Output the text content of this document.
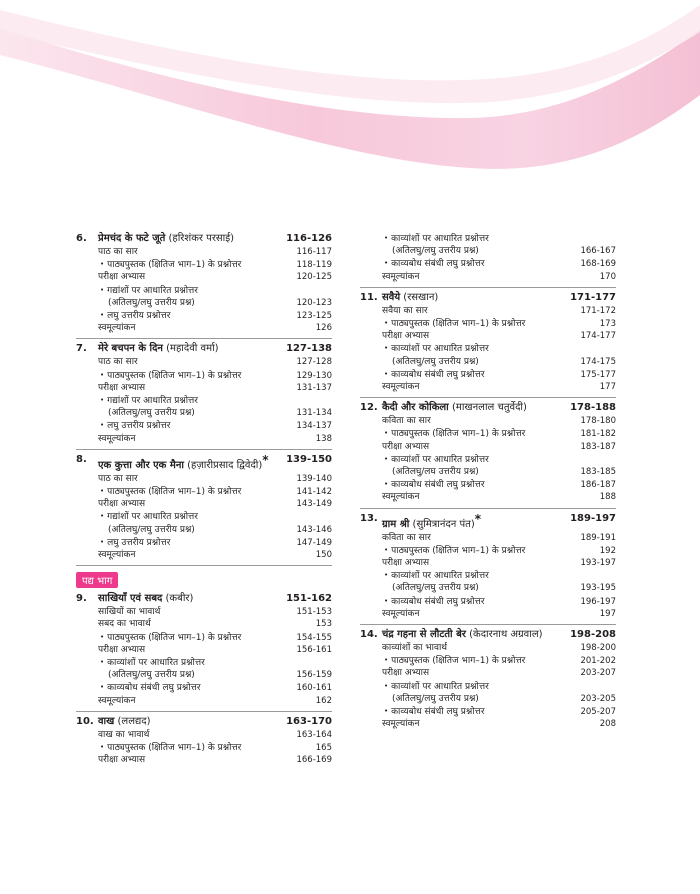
6.	प्रेमचंद के फटे जूते (हरिशंकर परसाई)	116-126
पाठ का सार	116-117
• पाठ्यपुस्तक (क्षितिज भाग–1) के प्रश्नोत्तर	118-119
परीक्षा अभ्यास	120-125
• गद्यांशों पर आधारित प्रश्नोत्तर
(अतिलघु/लघु उत्तरीय प्रश्न)	120-123
• लघु उत्तरीय प्रश्नोत्तर	123-125
स्वमूल्यांकन	126
7.	मेरे बचपन के दिन (महादेवी वर्मा)	127-138
पाठ का सार	127-128
• पाठ्यपुस्तक (क्षितिज भाग–1) के प्रश्नोत्तर	129-130
परीक्षा अभ्यास	131-137
• गद्यांशों पर आधारित प्रश्नोत्तर
(अतिलघु/लघु उत्तरीय प्रश्न)	131-134
• लघु उत्तरीय प्रश्नोत्तर	134-137
स्वमूल्यांकन	138
8.
एक कुत्ता और एक मैना (हज़ारीप्रसाद द्विवेदी)*	139-150
पाठ का सार	139-140
• पाठ्यपुस्तक (क्षितिज भाग–1) के प्रश्नोत्तर	141-142
परीक्षा अभ्यास	143-149
• गद्यांशों पर आधारित प्रश्नोत्तर
(अतिलघु/लघु उत्तरीय प्रश्न)	143-146
• लघु उत्तरीय प्रश्नोत्तर	147-149
स्वमूल्यांकन	150
पद्य भाग
9.	साखियाँ एवं सबद (कबीर)	151-162
साखियों का भावार्थ	151-153
सबद का भावार्थ	153
• पाठ्यपुस्तक (क्षितिज भाग–1) के प्रश्नोत्तर	154-155
परीक्षा अभ्यास	156-161
• काव्यांशों पर आधारित प्रश्नोत्तर
(अतिलघु/लघु उत्तरीय प्रश्न)	156-159
• काव्यबोध संबंधी लघु प्रश्नोत्तर	160-161
स्वमूल्यांकन	162
10. वाख (ललद्यद)	163-170
वाख का भावार्थ	163-164
• पाठ्यपुस्तक (क्षितिज भाग–1) के प्रश्नोत्तर	165
परीक्षा अभ्यास	166-169
• काव्यांशों पर आधारित प्रश्नोत्तर
(अतिलघु/लघु उत्तरीय प्रश्न)	166-167
• काव्यबोध संबंधी लघु प्रश्नोत्तर	168-169
स्वमूल्यांकन	170
11. सवैये (रसखान)	171-177
सवैया का सार	171-172
• पाठ्यपुस्तक (क्षितिज भाग–1) के प्रश्नोत्तर	173
परीक्षा अभ्यास	174-177
• काव्यांशों पर आधारित प्रश्नोत्तर
(अतिलघु/लघु उत्तरीय प्रश्न)	174-175
• काव्यबोध संबंधी लघु प्रश्नोत्तर	175-177
स्वमूल्यांकन	177
12. कैदी और कोकिला (माखनलाल चतुर्वेदी)	178-188
कविता का सार	178-180
• पाठ्यपुस्तक (क्षितिज भाग–1) के प्रश्नोत्तर	181-182
परीक्षा अभ्यास	183-187
• काव्यांशों पर आधारित प्रश्नोत्तर
(अतिलघु/लघ उत्तरीय प्रश्न)	183-185
• काव्यबोध संबंधी लघु प्रश्नोत्तर	186-187
स्वमूल्यांकन	188
13.
ग्राम श्री (सुमित्रानंदन पंत)*	189-197
कविता का सार	189-191
• पाठ्यपुस्तक (क्षितिज भाग–1) के प्रश्नोत्तर	192
परीक्षा अभ्यास	193-197
• काव्यांशों पर आधारित प्रश्नोत्तर
(अतिलघु/लघु उत्तरीय प्रश्न)	193-195
• काव्यबोध संबंधी लघु प्रश्नोत्तर	196-197
स्वमूल्यांकन	197
14. चंद्र गहना से लौटती बेर (केदारनाथ अग्रवाल)	198-208
काव्यांशों का भावार्थ	198-200
• पाठ्यपुस्तक (क्षितिज भाग–1) के प्रश्नोत्तर	201-202
परीक्षा अभ्यास	203-207
• काव्यांशों पर आधारित प्रश्नोत्तर
(अतिलघु/लघु उत्तरीय प्रश्न)	203-205
• काव्यबोध संबंधी लघु प्रश्नोत्तर	205-207
स्वमूल्यांकन	208
